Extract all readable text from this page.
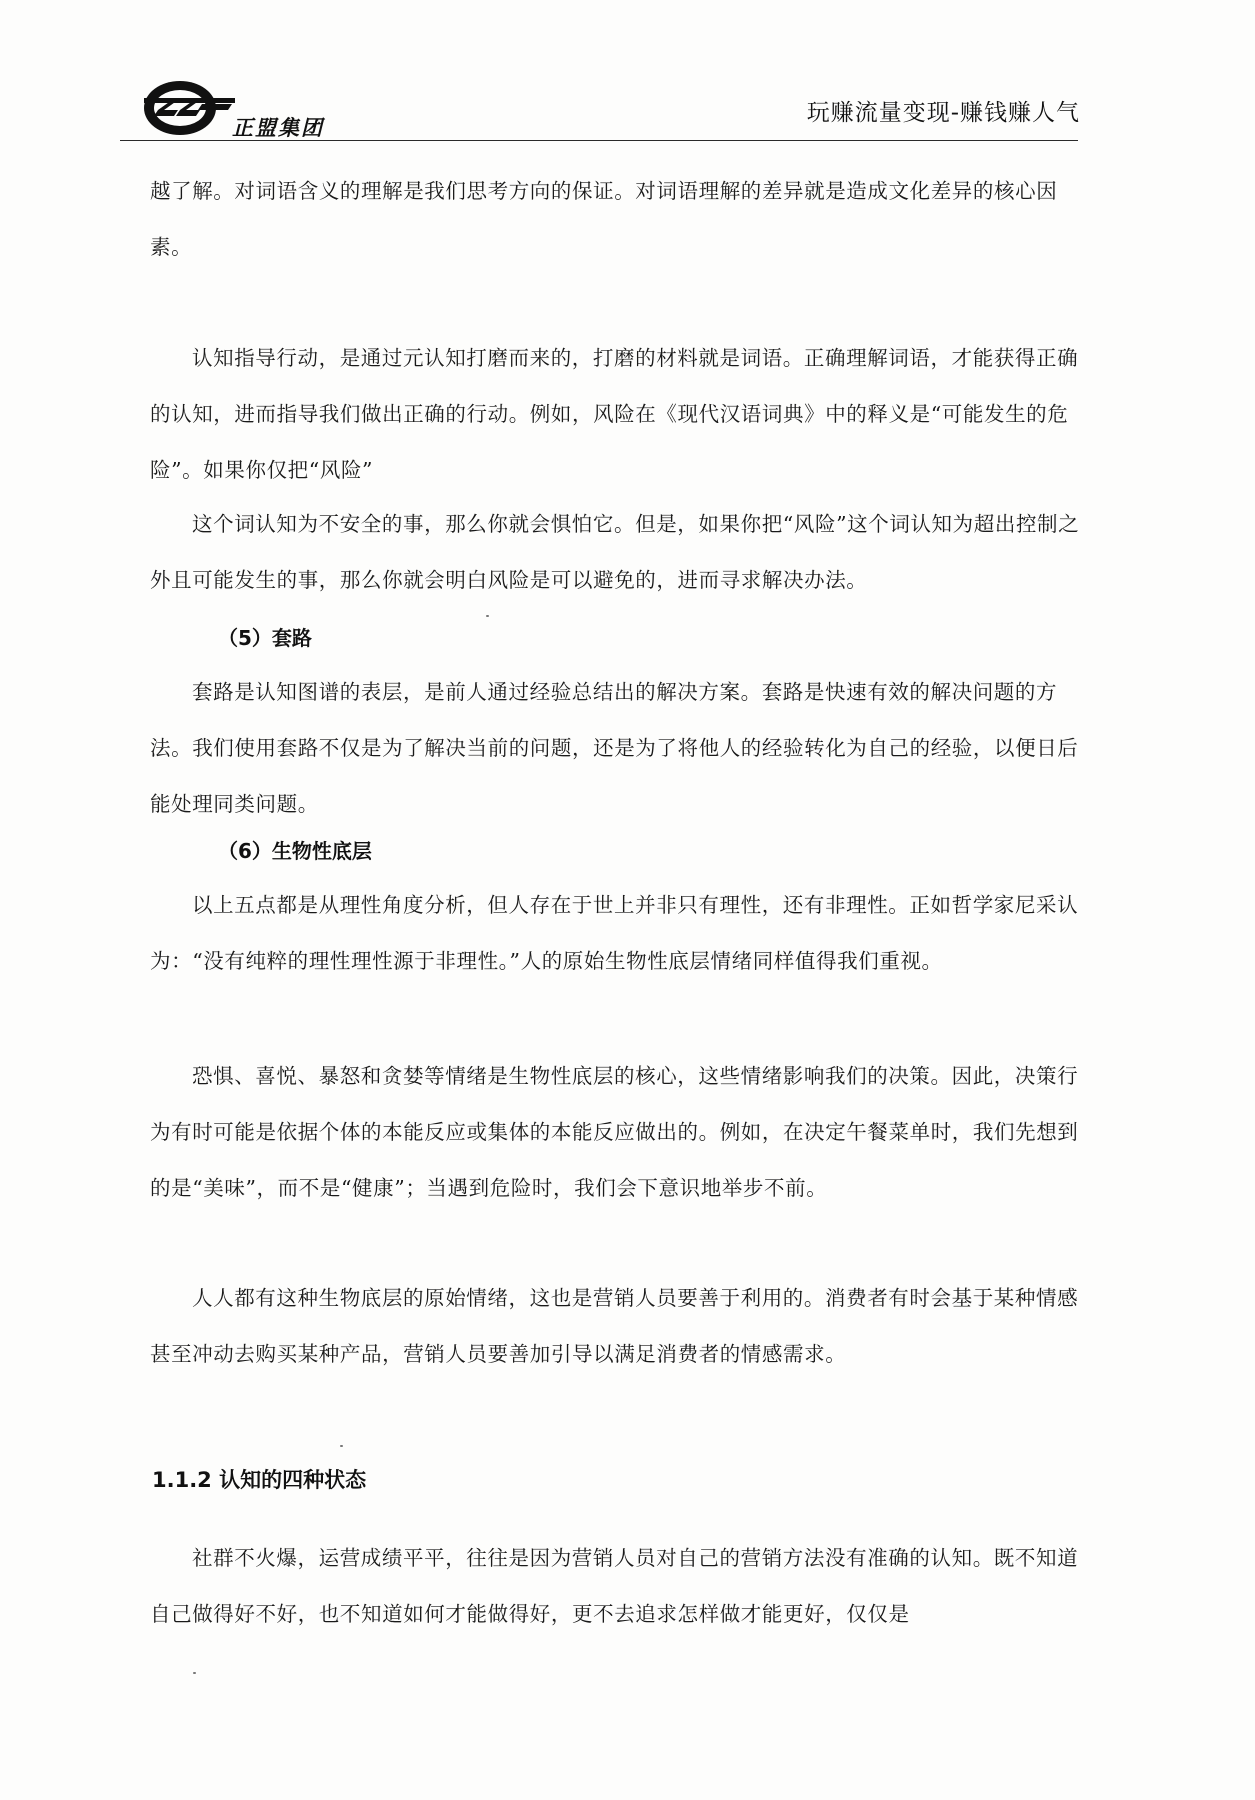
正盟集团
玩赚流量变现-赚钱赚人气

越了解。对词语含义的理解是我们思考方向的保证。对词语理解的差异就是造成文化差异的核心因素。

认知指导行动，是通过元认知打磨而来的，打磨的材料就是词语。正确理解词语，才能获得正确的认知，进而指导我们做出正确的行动。例如，风险在《现代汉语词典》中的释义是“可能发生的危险”。如果你仅把“风险”

这个词认知为不安全的事，那么你就会惧怕它。但是，如果你把“风险”这个词认知为超出控制之外且可能发生的事，那么你就会明白风险是可以避免的，进而寻求解决办法。

（5）套路

套路是认知图谱的表层，是前人通过经验总结出的解决方案。套路是快速有效的解决问题的方法。我们使用套路不仅是为了解决当前的问题，还是为了将他人的经验转化为自己的经验，以便日后能处理同类问题。

（6）生物性底层

以上五点都是从理性角度分析，但人存在于世上并非只有理性，还有非理性。正如哲学家尼采认为：“没有纯粹的理性理性源于非理性。”人的原始生物性底层情绪同样值得我们重视。

恐惧、喜悦、暴怒和贪婪等情绪是生物性底层的核心，这些情绪影响我们的决策。因此，决策行为有时可能是依据个体的本能反应或集体的本能反应做出的。例如，在决定午餐菜单时，我们先想到的是“美味”，而不是“健康”；当遇到危险时，我们会下意识地举步不前。

人人都有这种生物底层的原始情绪，这也是营销人员要善于利用的。消费者有时会基于某种情感甚至冲动去购买某种产品，营销人员要善加引导以满足消费者的情感需求。

1.1.2 认知的四种状态

社群不火爆，运营成绩平平，往往是因为营销人员对自己的营销方法没有准确的认知。既不知道自己做得好不好，也不知道如何才能做得好，更不去追求怎样做才能更好，仅仅是
